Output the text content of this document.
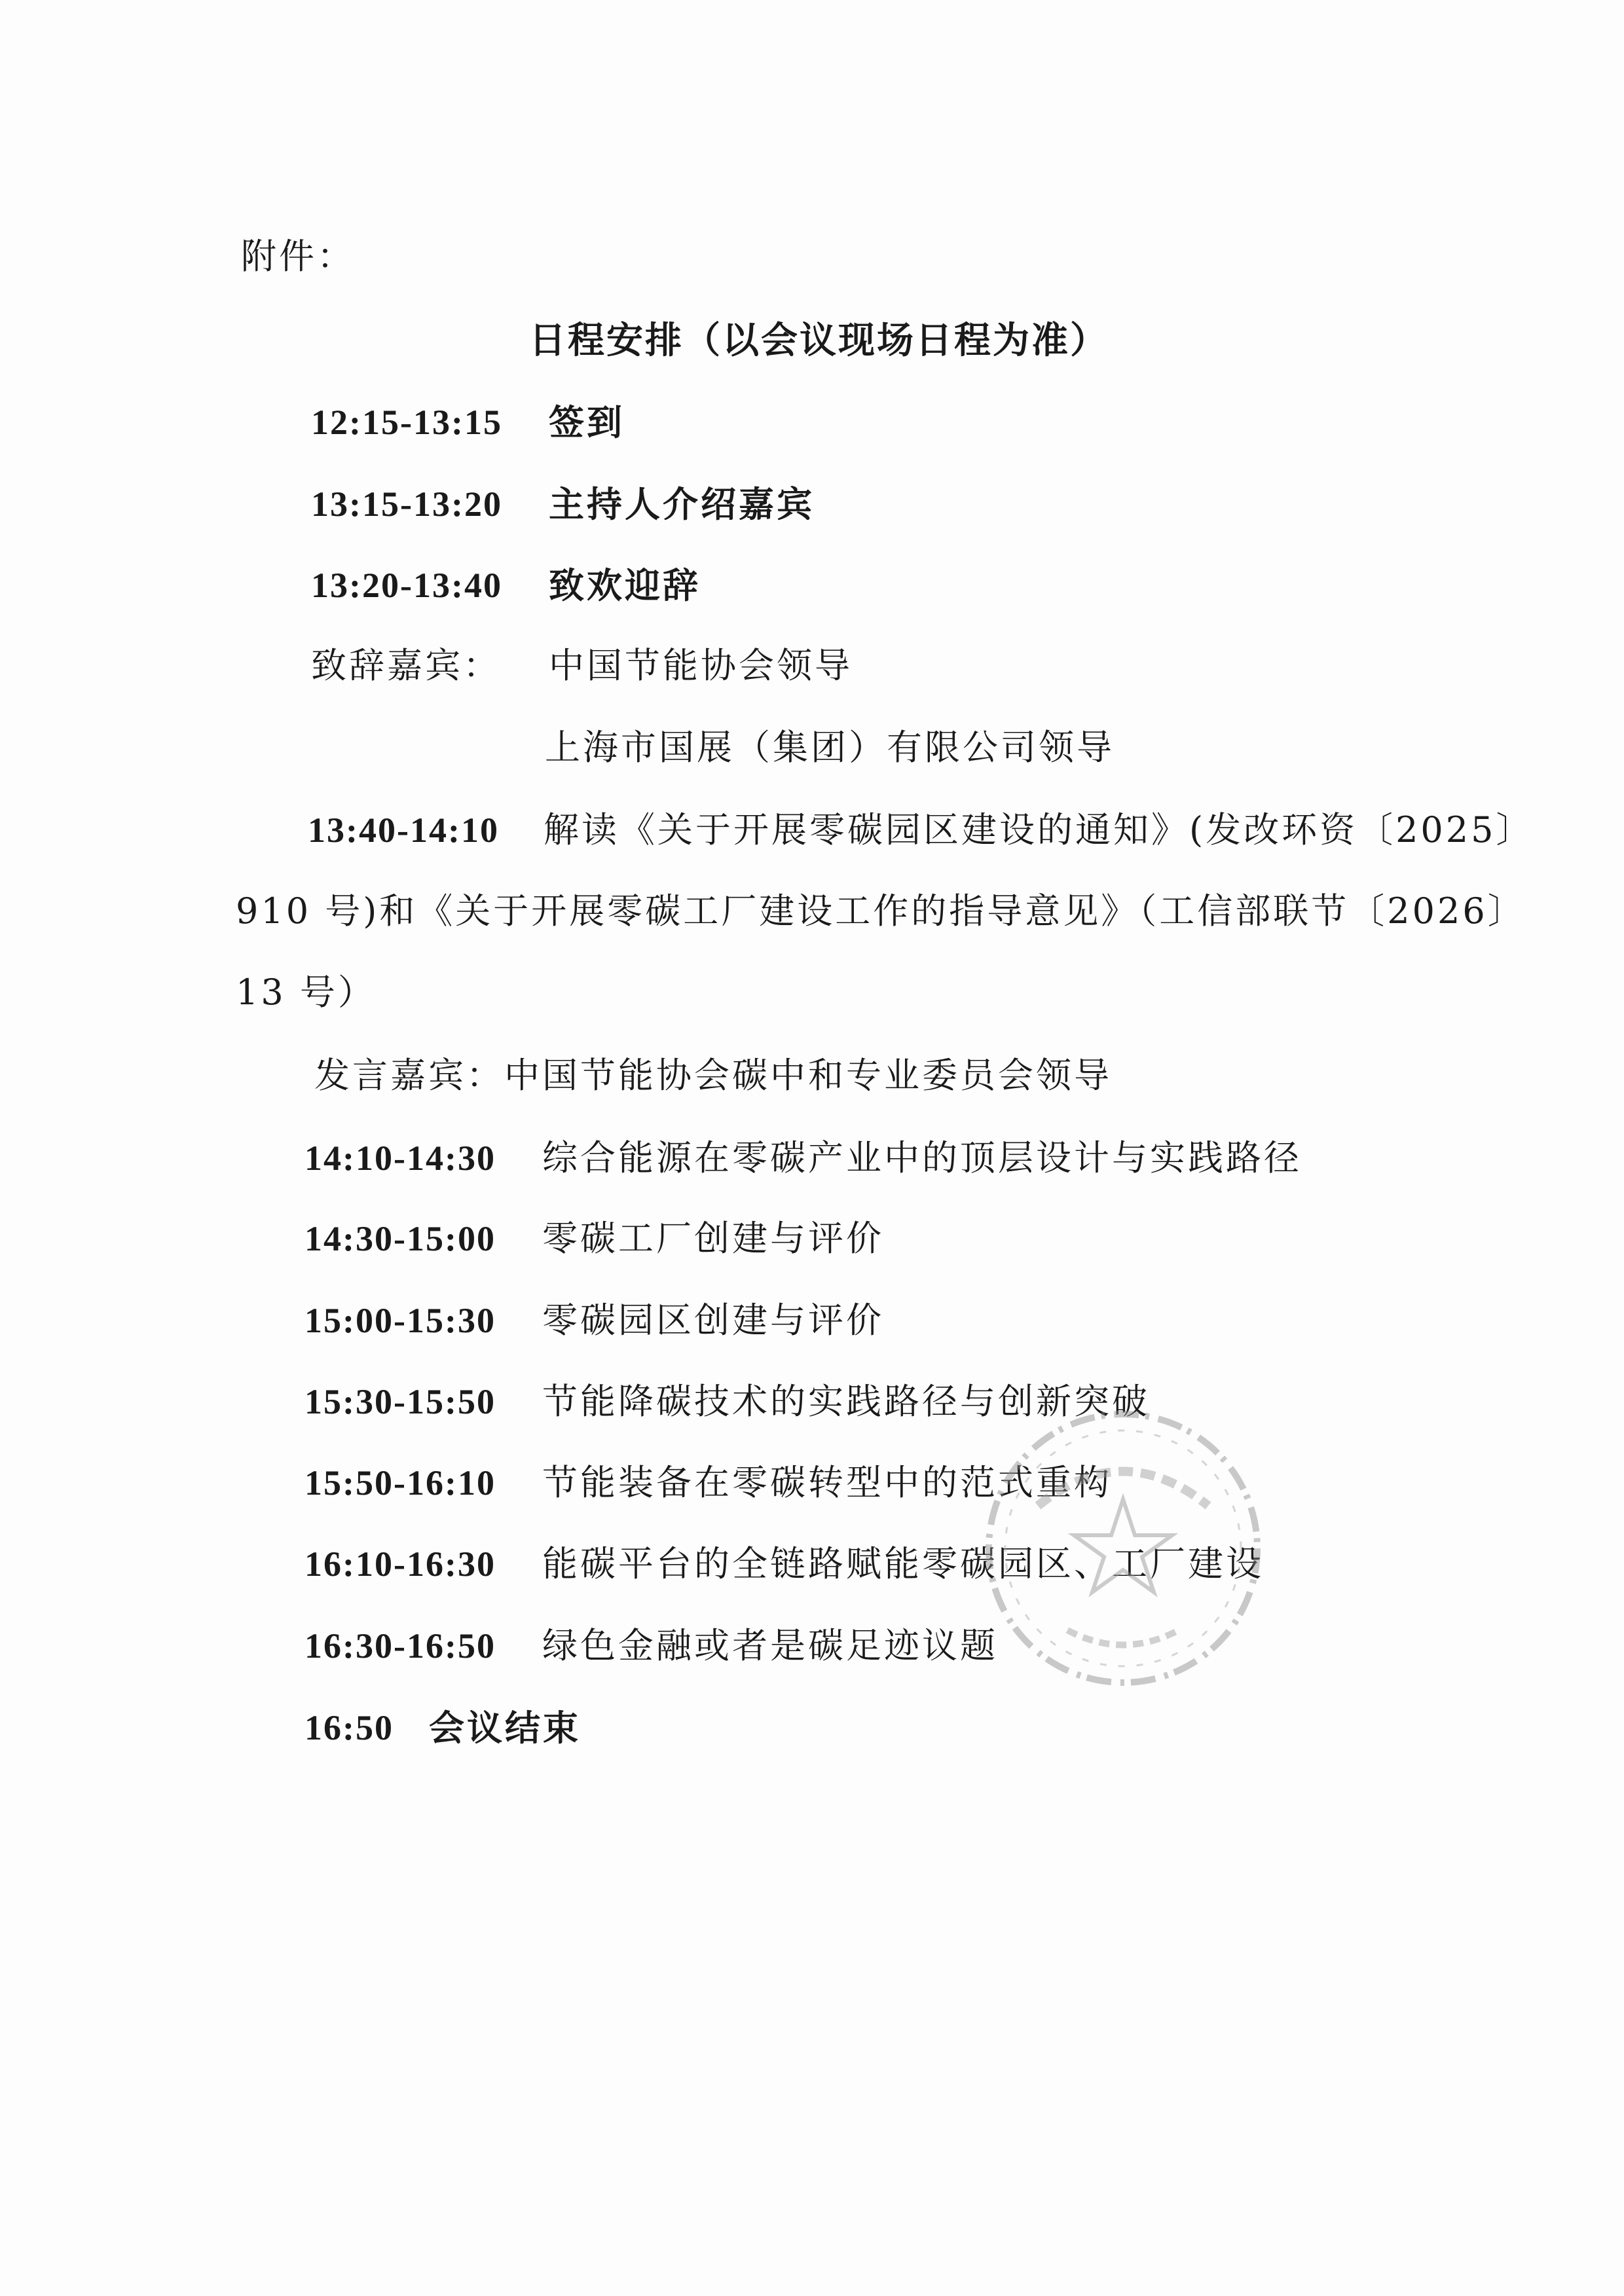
附件：
日程安排（以会议现场日程为准）
12:15-13:15 签到
13:15-13:20 主持人介绍嘉宾
13:20-13:40 致欢迎辞
致辞嘉宾： 中国节能协会领导
上海市国展（集团）有限公司领导
13:40-14:10 解读《关于开展零碳园区建设的通知》(发改环资〔2025〕
910 号)和《关于开展零碳工厂建设工作的指导意见》（工信部联节〔2026〕
13 号）
发言嘉宾：中国节能协会碳中和专业委员会领导
14:10-14:30 综合能源在零碳产业中的顶层设计与实践路径
14:30-15:00 零碳工厂创建与评价
15:00-15:30 零碳园区创建与评价
15:30-15:50 节能降碳技术的实践路径与创新突破
15:50-16:10 节能装备在零碳转型中的范式重构
16:10-16:30 能碳平台的全链路赋能零碳园区、工厂建设
16:30-16:50 绿色金融或者是碳足迹议题
16:50 会议结束
